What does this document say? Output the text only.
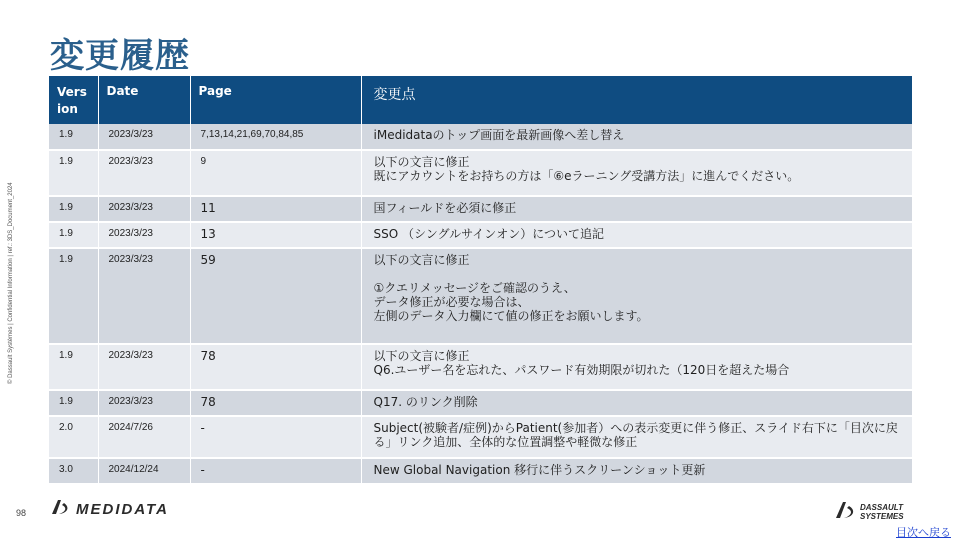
変更履歴
© Dassault Systèmes | Confidential Information | ref.: 3DS_Document_2024
Vers
ion	Date	Page	変更点
1.9	2023/3/23	7,13,14,21,69,70,84,85	iMedidataのトップ画面を最新画像へ差し替え
1.9	2023/3/23	9	以下の文言に修正
既にアカウントをお持ちの方は「⑥eラーニング受講方法」に進んでください。
1.9	2023/3/23	11	国フィールドを必須に修正
1.9	2023/3/23	13	SSO （シングルサインオン）について追記
1.9	2023/3/23	59	以下の文言に修正

①クエリメッセージをご確認のうえ、
データ修正が必要な場合は、
左側のデータ入力欄にて値の修正をお願いします。
1.9	2023/3/23	78	以下の文言に修正
Q6.ユーザー名を忘れた、パスワード有効期限が切れた（120日を超えた場合
1.9	2023/3/23	78	Q17. のリンク削除
2.0	2024/7/26	-	Subject(被験者/症例)からPatient(参加者）への表示変更に伴う修正、スライド右下に「目次に戻る」リンク追加、全体的な位置調整や軽微な修正
3.0	2024/12/24	-	New Global Navigation 移行に伴うスクリーンショット更新
98	MEDIDATA	DASSAULT
SYSTEMES
目次へ戻る
